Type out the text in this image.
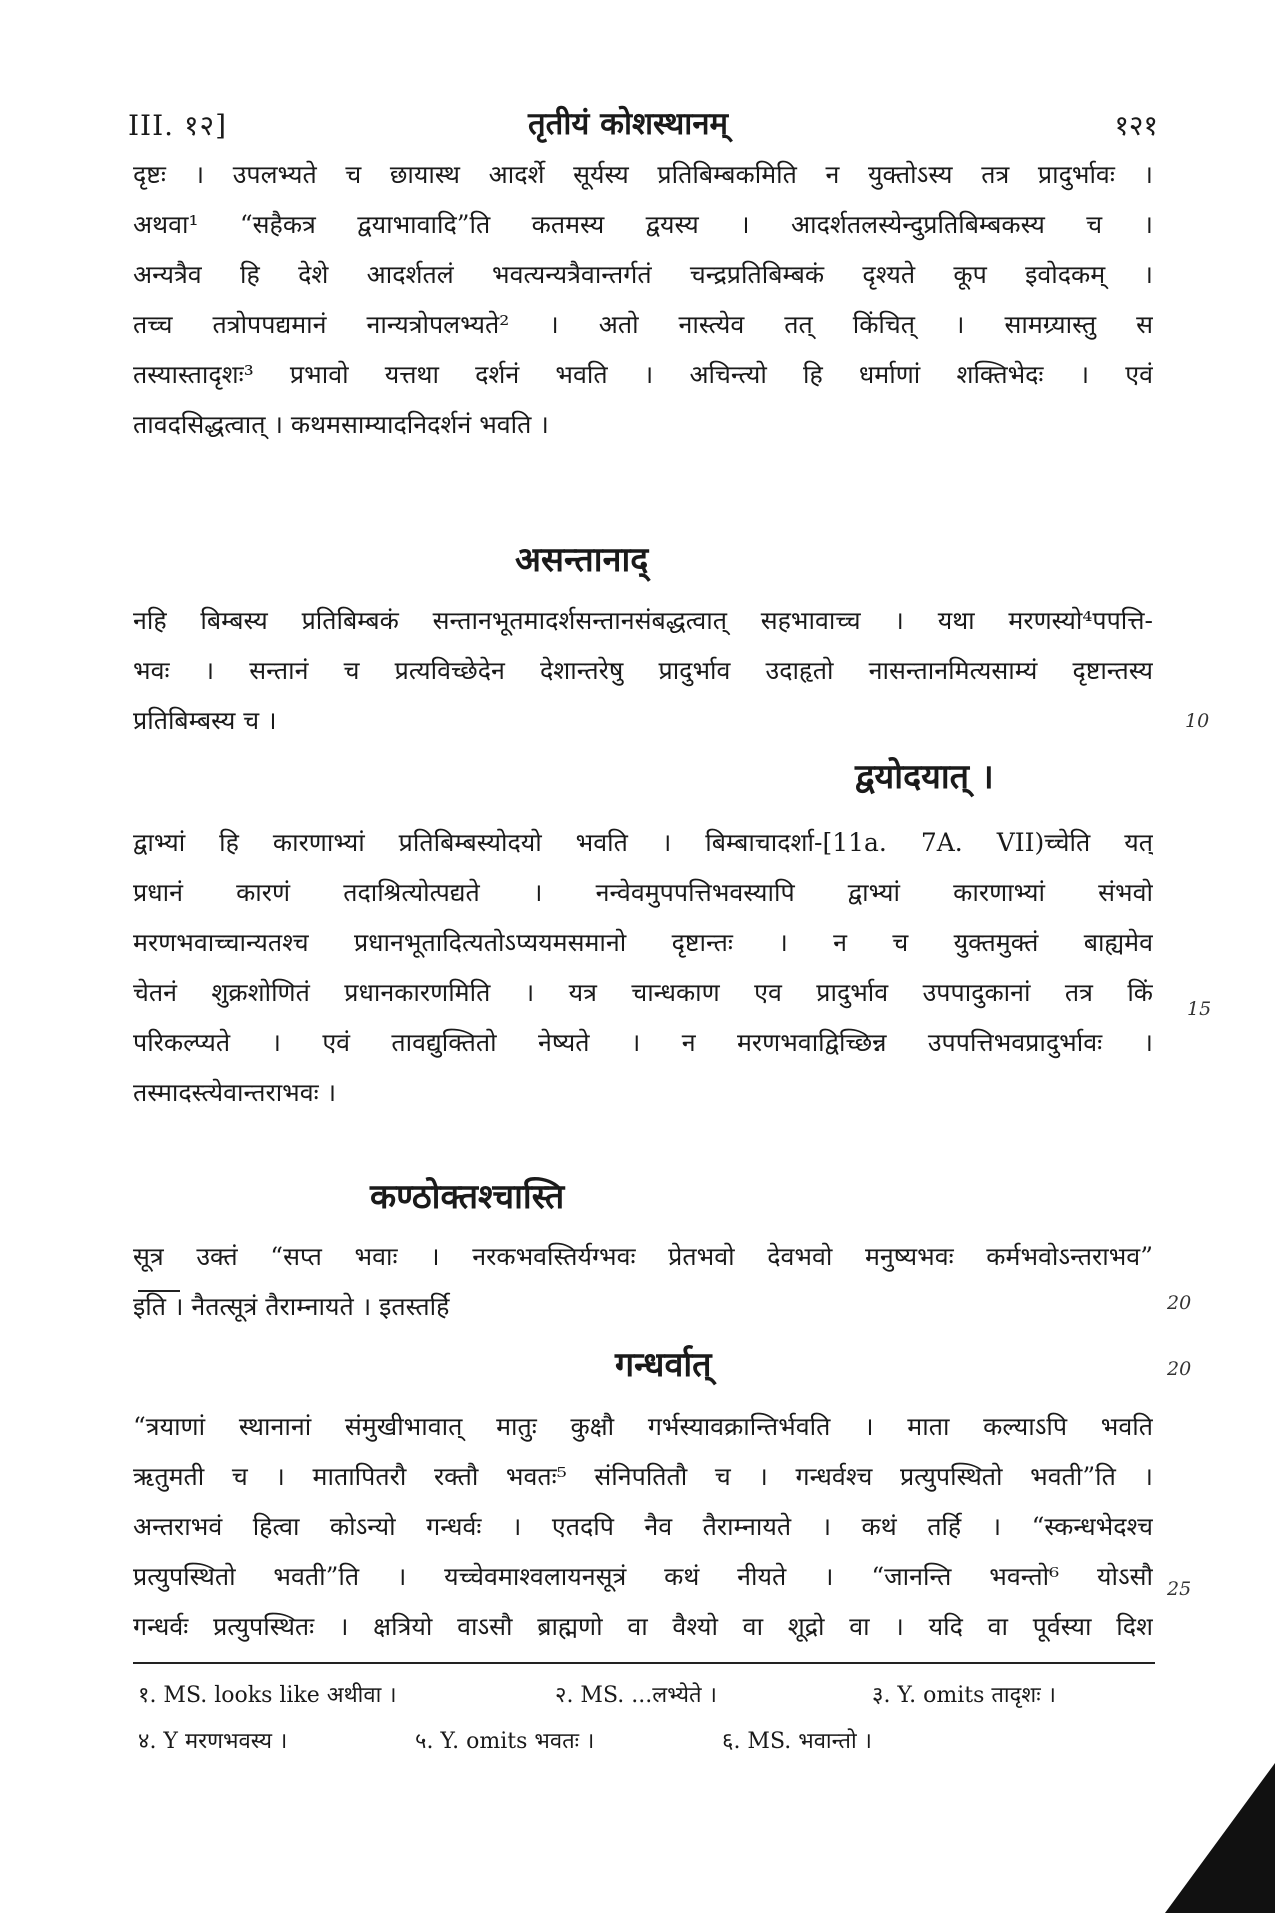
III. १२]	तृतीयं कोशस्थानम्	१२१
दृष्टः । उपलभ्यते च छायास्थ आदर्शे सूर्यस्य प्रतिबिम्बकमिति न युक्तोऽस्य तत्र प्रादुर्भावः ।
अथवा¹ “सहैकत्र द्वयाभावादि”ति कतमस्य द्वयस्य । आदर्शतलस्येन्दुप्रतिबिम्बकस्य च ।
अन्यत्रैव हि देशे आदर्शतलं भवत्यन्यत्रैवान्तर्गतं चन्द्रप्रतिबिम्बकं दृश्यते कूप इवोदकम् ।
तच्च तत्रोपपद्यमानं नान्यत्रोपलभ्यते² । अतो नास्त्येव तत् किंचित् । सामग्र्यास्तु स
तस्यास्तादृशः³ प्रभावो यत्तथा दर्शनं भवति । अचिन्त्यो हि धर्माणां शक्तिभेदः । एवं
तावदसिद्धत्वात् । कथमसाम्यादनिदर्शनं भवति ।
असन्तानाद्
नहि बिम्बस्य प्रतिबिम्बकं सन्तानभूतमादर्शसन्तानसंबद्धत्वात् सहभावाच्च । यथा मरणस्यो⁴पपत्ति-
भवः । सन्तानं च प्रत्यविच्छेदेन देशान्तरेषु प्रादुर्भाव उदाहृतो नासन्तानमित्यसाम्यं दृष्टान्तस्य
प्रतिबिम्बस्य च ।
द्वयोदयात् ।
द्वाभ्यां हि कारणाभ्यां प्रतिबिम्बस्योदयो भवति । बिम्बाचादर्शा-[11a. 7A. VII)च्चेति यत्
प्रधानं कारणं तदाश्रित्योत्पद्यते । नन्वेवमुपपत्तिभवस्यापि द्वाभ्यां कारणाभ्यां संभवो
मरणभवाच्चान्यतश्च प्रधानभूतादित्यतोऽप्ययमसमानो दृष्टान्तः । न च युक्तमुक्तं बाह्यमेव
चेतनं शुक्रशोणितं प्रधानकारणमिति । यत्र चान्धकाण एव प्रादुर्भाव उपपादुकानां तत्र किं
परिकल्प्यते । एवं तावद्युक्तितो नेष्यते । न मरणभवाद्विच्छिन्न उपपत्तिभवप्रादुर्भावः ।
तस्मादस्त्येवान्तराभवः ।
कण्ठोक्तश्चास्ति
सूत्र उक्तं “सप्त भवाः । नरकभवस्तिर्यग्भवः प्रेतभवो देवभवो मनुष्यभवः कर्मभवोऽन्तराभव”
इति । नैतत्सूत्रं तैराम्नायते । इतस्तर्हि
गन्धर्वात्
“त्रयाणां स्थानानां संमुखीभावात् मातुः कुक्षौ गर्भस्यावक्रान्तिर्भवति । माता कल्याऽपि भवति
ऋतुमती च । मातापितरौ रक्तौ भवतः⁵ संनिपतितौ च । गन्धर्वश्च प्रत्युपस्थितो भवती”ति ।
अन्तराभवं हित्वा कोऽन्यो गन्धर्वः । एतदपि नैव तैराम्नायते । कथं तर्हि । “स्कन्धभेदश्च
प्रत्युपस्थितो भवती”ति । यच्चेवमाश्वलायनसूत्रं कथं नीयते । “जानन्ति भवन्तो⁶ योऽसौ
गन्धर्वः प्रत्युपस्थितः । क्षत्रियो वाऽसौ ब्राह्मणो वा वैश्यो वा शूद्रो वा । यदि वा पूर्वस्या दिश
10
15
20
20
25
१. MS. looks like अथीवा ।	२. MS. ...लभ्येते ।	३. Y. omits तादृशः ।
४. Y मरणभवस्य ।	५. Y. omits भवतः ।	६. MS. भवान्तो ।
